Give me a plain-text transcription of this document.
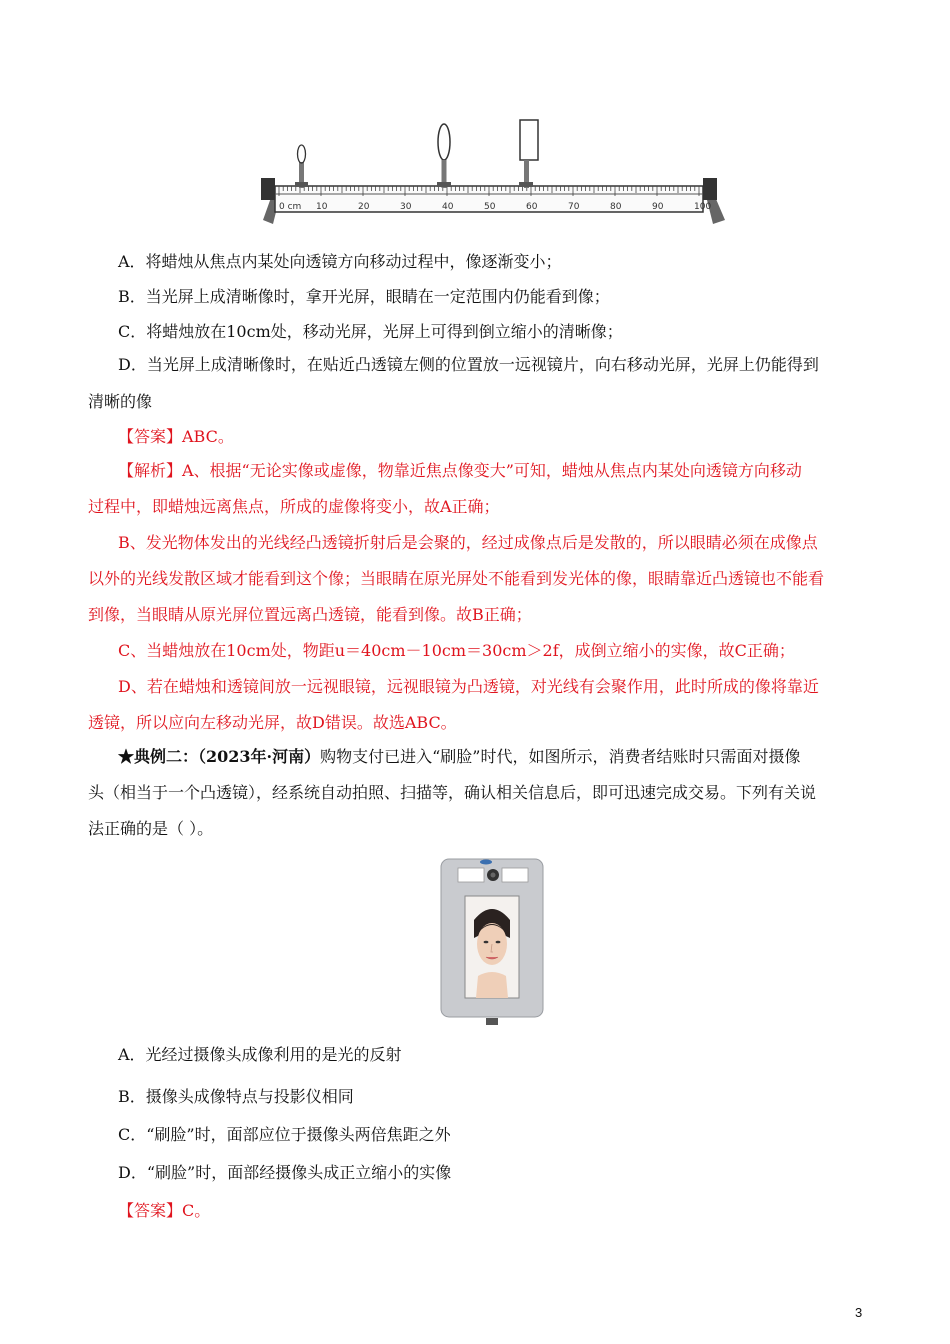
0 cm 10	20	30	40	50	60	70	80	90	100
A．将蜡烛从焦点内某处向透镜方向移动过程中，像逐渐变小；
B．当光屏上成清晰像时，拿开光屏，眼睛在一定范围内仍能看到像；
C．将蜡烛放在10cm处，移动光屏，光屏上可得到倒立缩小的清晰像；
D．当光屏上成清晰像时，在贴近凸透镜左侧的位置放一远视镜片，向右移动光屏，光屏上仍能得到
清晰的像
【答案】ABC。
【解析】A、根据“无论实像或虚像，物靠近焦点像变大”可知，蜡烛从焦点内某处向透镜方向移动
过程中，即蜡烛远离焦点，所成的虚像将变小，故A正确；
B、发光物体发出的光线经凸透镜折射后是会聚的，经过成像点后是发散的，所以眼睛必须在成像点
以外的光线发散区域才能看到这个像；当眼睛在原光屏处不能看到发光体的像，眼睛靠近凸透镜也不能看
到像，当眼睛从原光屏位置远离凸透镜，能看到像。故B正确；
C、当蜡烛放在10cm处，物距u＝40cm－10cm＝30cm＞2f，成倒立缩小的实像，故C正确；
D、若在蜡烛和透镜间放一远视眼镜，远视眼镜为凸透镜，对光线有会聚作用，此时所成的像将靠近
透镜，所以应向左移动光屏，故D错误。故选ABC。
★典例二：（2023年·河南）购物支付已进入“刷脸”时代，如图所示，消费者结账时只需面对摄像
头（相当于一个凸透镜），经系统自动拍照、扫描等，确认相关信息后，即可迅速完成交易。下列有关说
法正确的是（ ）。
A．光经过摄像头成像利用的是光的反射
B．摄像头成像特点与投影仪相同
C．“刷脸”时，面部应位于摄像头两倍焦距之外
D．“刷脸”时，面部经摄像头成正立缩小的实像
【答案】C。
3
